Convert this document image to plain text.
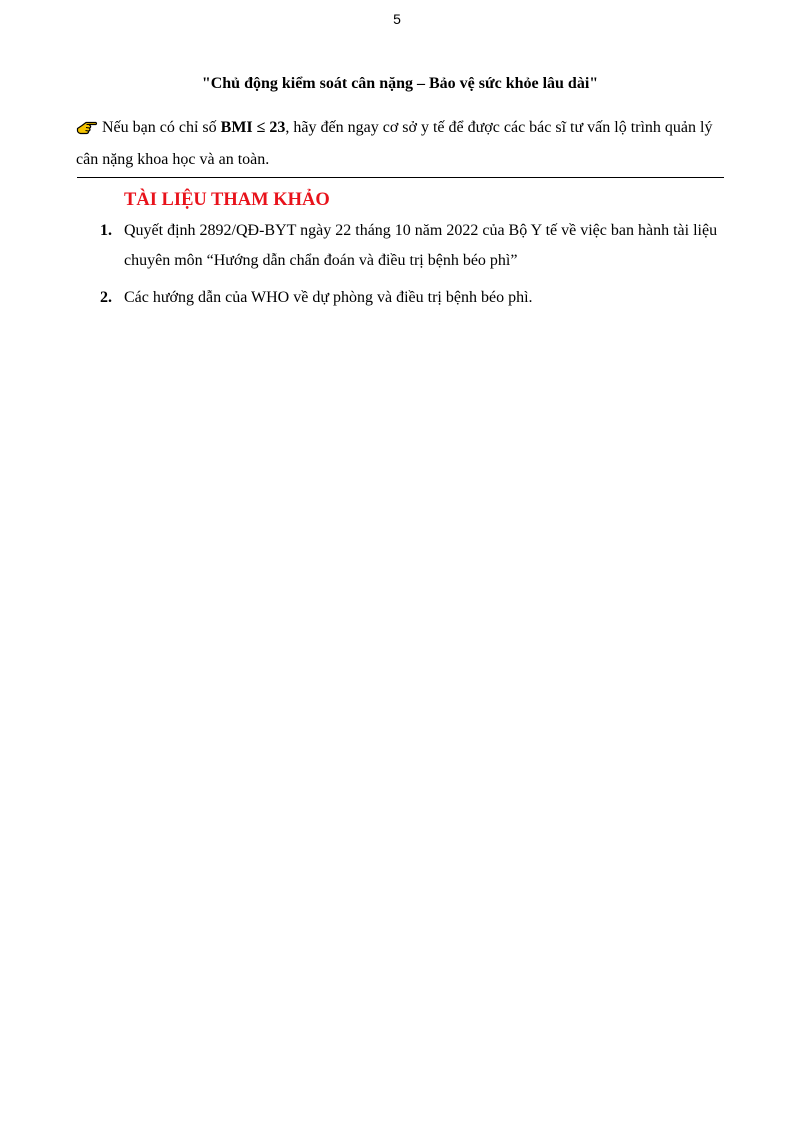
5
"Chủ động kiểm soát cân nặng – Bảo vệ sức khỏe lâu dài"
Nếu bạn có chỉ số BMI ≤ 23, hãy đến ngay cơ sở y tế để được các bác sĩ tư vấn lộ trình quản lý cân nặng khoa học và an toàn.
TÀI LIỆU THAM KHẢO
1. Quyết định 2892/QĐ-BYT ngày 22 tháng 10 năm 2022 của Bộ Y tế về việc ban hành tài liệu chuyên môn “Hướng dẫn chẩn đoán và điều trị bệnh béo phì”
2. Các hướng dẫn của WHO về dự phòng và điều trị bệnh béo phì.
